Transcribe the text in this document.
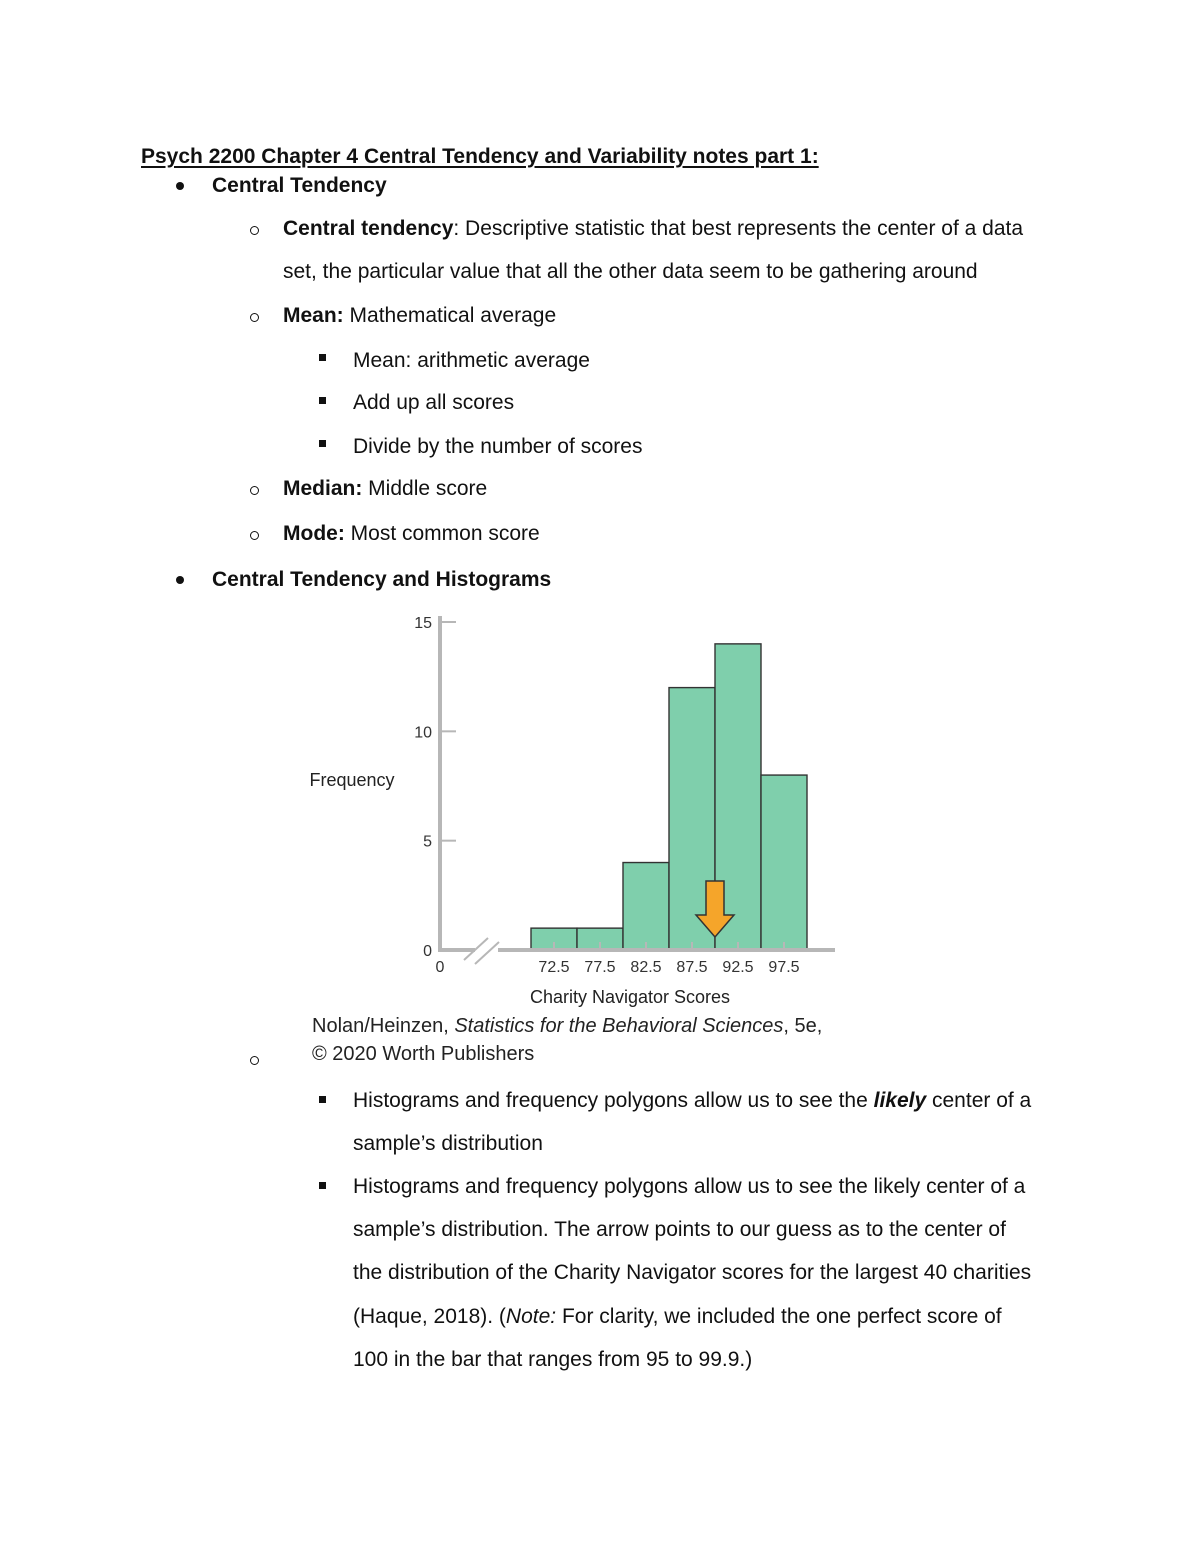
Psych 2200 Chapter 4 Central Tendency and Variability notes part 1:
Central Tendency
Central tendency: Descriptive statistic that best represents the center of a data
set, the particular value that all the other data seem to be gathering around
Mean: Mathematical average
Mean: arithmetic average
Add up all scores
Divide by the number of scores
Median: Middle score
Mode: Most common score
Central Tendency and Histograms
72.5 77.5 82.5 87.5 92.5 97.5
0
5
10
15
0
Frequency
Charity Navigator Scores
Nolan/Heinzen, Statistics for the Behavioral Sciences, 5e,
© 2020 Worth Publishers
Histograms and frequency polygons allow us to see the likely center of a
sample’s distribution
Histograms and frequency polygons allow us to see the likely center of a
sample’s distribution. The arrow points to our guess as to the center of
the distribution of the Charity Navigator scores for the largest 40 charities
(Haque, 2018). (Note: For clarity, we included the one perfect score of
100 in the bar that ranges from 95 to 99.9.)
